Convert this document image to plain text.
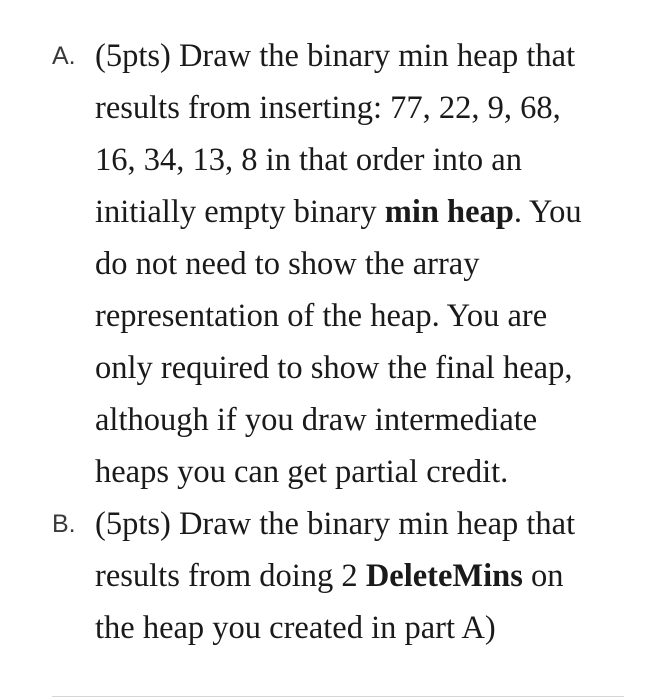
A. (5pts) Draw the binary min heap that
results from inserting: 77, 22, 9, 68,
16, 34, 13, 8 in that order into an
initially empty binary min heap. You
do not need to show the array
representation of the heap. You are
only required to show the final heap,
although if you draw intermediate
heaps you can get partial credit.
B. (5pts) Draw the binary min heap that
results from doing 2 DeleteMins on
the heap you created in part A)
